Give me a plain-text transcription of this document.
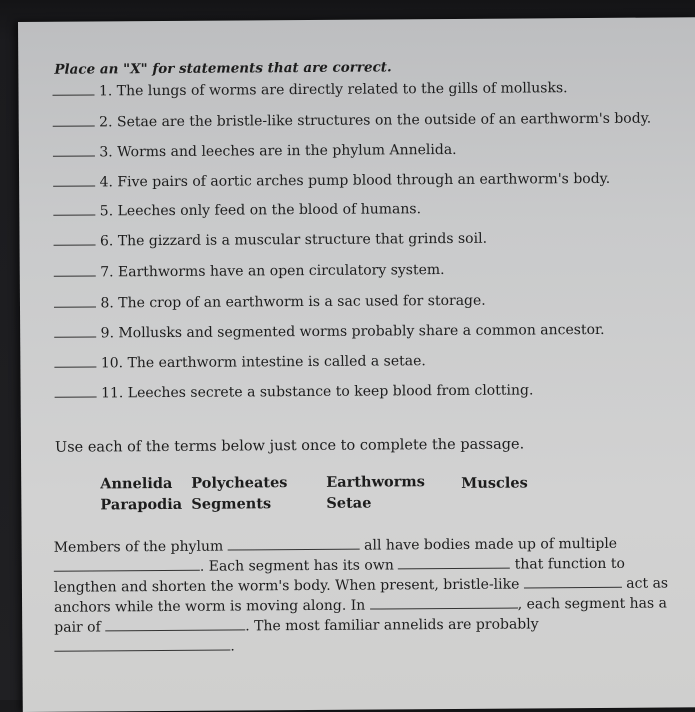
Place an "X" for statements that are correct.
1. The lungs of worms are directly related to the gills of mollusks.
2. Setae are the bristle-like structures on the outside of an earthworm's body.
3. Worms and leeches are in the phylum Annelida.
4. Five pairs of aortic arches pump blood through an earthworm's body.
5. Leeches only feed on the blood of humans.
6. The gizzard is a muscular structure that grinds soil.
7. Earthworms have an open circulatory system.
8. The crop of an earthworm is a sac used for storage.
9. Mollusks and segmented worms probably share a common ancestor.
10. The earthworm intestine is called a setae.
11. Leeches secrete a substance to keep blood from clotting.
Use each of the terms below just once to complete the passage.
Annelida Polycheates	Earthworms	Muscles
Parapodia Segments	Setae
Members of the phylum	all have bodies made up of multiple
. Each segment has its own	that function to
lengthen and shorten the worm's body. When present, bristle-like	act as
anchors while the worm is moving along. In	, each segment has a
pair of	. The most familiar annelids are probably
.
